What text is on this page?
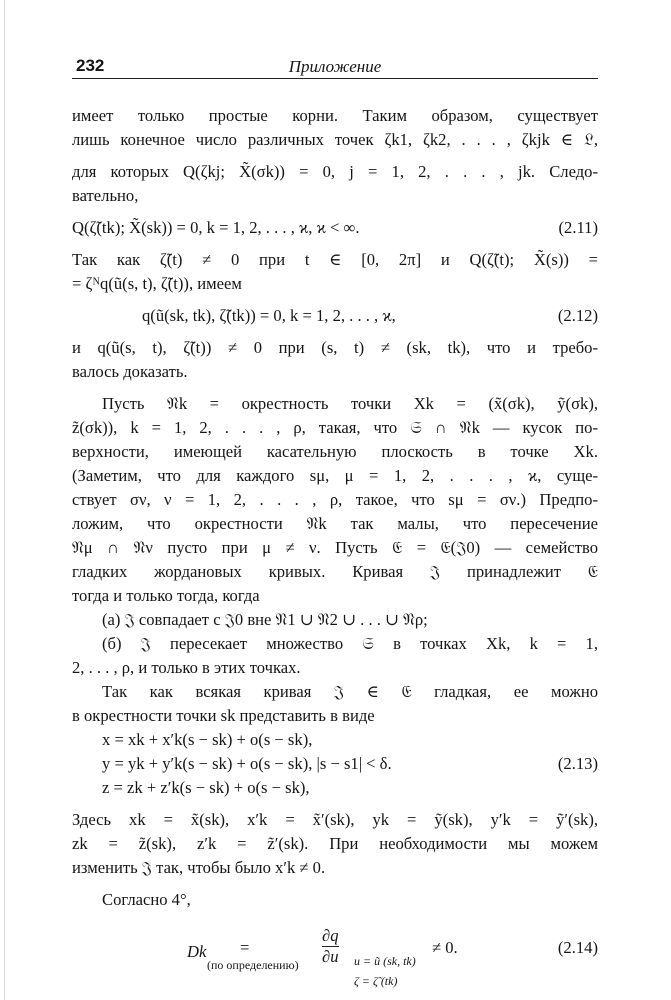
232	Приложение
имеет только простые корни. Таким образом, существует
лишь конечное число различных точек ζk1, ζk2, . . . , ζkjk ∈ 𝔏,
для которых Q(ζkj; X̃(σk)) = 0, j = 1, 2, . . . , jk. Следо-
вательно,
Q(ζ̃(tk); X̃(sk)) = 0, k = 1, 2, . . . , ϰ, ϰ < ∞.	(2.11)
Так как ζ̃(t) ≠ 0 при t ∈ [0, 2π] и Q(ζ̃(t); X̃(s)) =
= ζᴺq(ũ(s, t), ζ̃(t)), имеем
q(ũ(sk, tk), ζ̃(tk)) = 0, k = 1, 2, . . . , ϰ,	(2.12)
и q(ũ(s, t), ζ̃(t)) ≠ 0 при (s, t) ≠ (sk, tk), что и требо-
валось доказать.
Пусть 𝔑k = окрестность точки Xk = (x̃(σk), ỹ(σk),
z̃(σk)), k = 1, 2, . . . , ρ, такая, что 𝔖 ∩ 𝔑k — кусок по-
верхности, имеющей касательную плоскость в точке Xk.
(Заметим, что для каждого sμ, μ = 1, 2, . . . , ϰ, суще-
ствует σν, ν = 1, 2, . . . , ρ, такое, что sμ = σν.) Предпо-
ложим, что окрестности 𝔑k так малы, что пересечение
𝔑μ ∩ 𝔑ν пусто при μ ≠ ν. Пусть 𝔈 = 𝔈(𝔍0) — семейство
гладких жордановых кривых. Кривая 𝔍 принадлежит 𝔈
тогда и только тогда, когда
(а) 𝔍 совпадает с 𝔍0 вне 𝔑1 ∪ 𝔑2 ∪ . . . ∪ 𝔑ρ;
(б) 𝔍 пересекает множество 𝔖 в точках Xk, k = 1,
2, . . . , ρ, и только в этих точках.
Так как всякая кривая 𝔍 ∈ 𝔈 гладкая, ее можно
в окрестности точки sk представить в виде
x = xk + x′k(s − sk) + o(s − sk),
y = yk + y′k(s − sk) + o(s − sk), |s − s1| < δ.	(2.13)
z = zk + z′k(s − sk) + o(s − sk),
Здесь xk = x̃(sk), x′k = x̃′(sk), yk = ỹ(sk), y′k = ỹ′(sk),
zk = z̃(sk), z′k = z̃′(sk). При необходимости мы можем
изменить 𝔍 так, чтобы было x′k ≠ 0.
Согласно 4°,
Dk =
(по определению) $\frac{\partial q}{\partial u}$ u = ũ (sk, tk)
ζ = ζ̃ (tk)
≠ 0.	(2.14)
